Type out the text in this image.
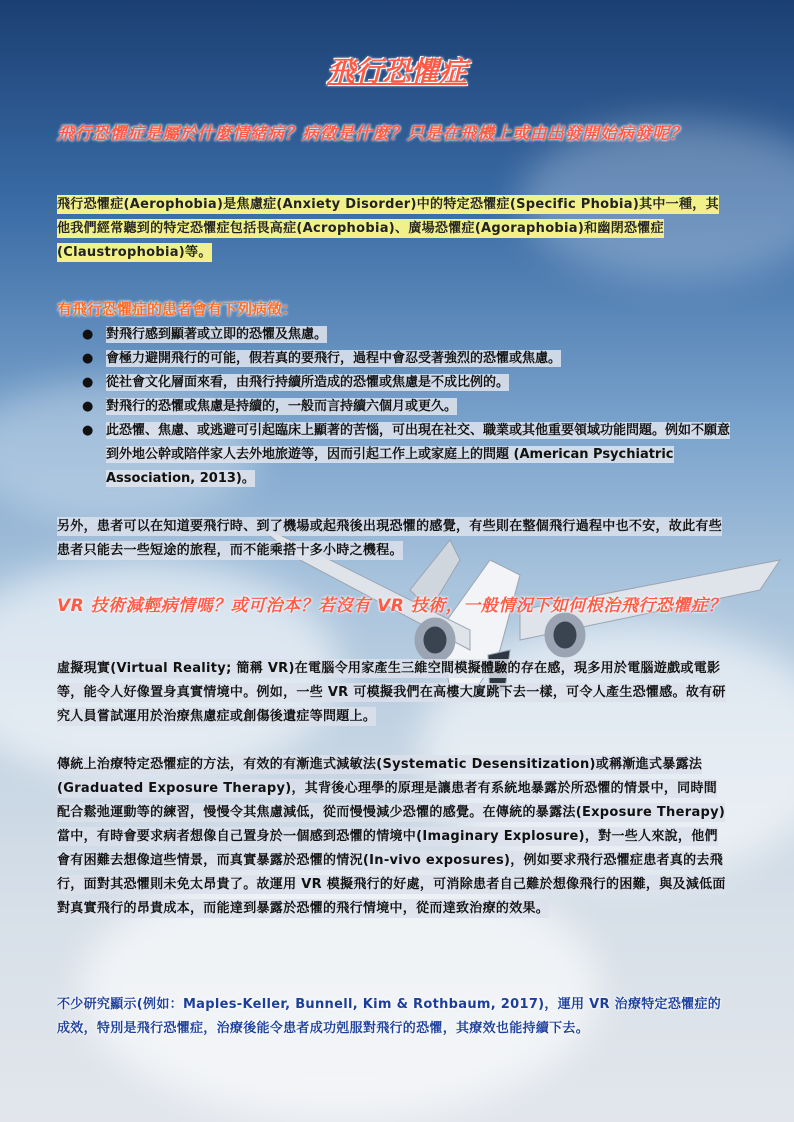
飛行恐懼症
飛行恐懼症是屬於什麼情緒病？病徵是什麼？只是在飛機上或由出發開始病發呢？
飛行恐懼症(Aerophobia)是焦慮症(Anxiety Disorder)中的特定恐懼症(Specific Phobia)其中一種，其他我們經常聽到的特定恐懼症包括畏高症(Acrophobia)、廣場恐懼症(Agoraphobia)和幽閉恐懼症(Claustrophobia)等。
有飛行恐懼症的患者會有下列病徵：
● 對飛行感到顯著或立即的恐懼及焦慮。
● 會極力避開飛行的可能，假若真的要飛行，過程中會忍受著強烈的恐懼或焦慮。
● 從社會文化層面來看，由飛行持續所造成的恐懼或焦慮是不成比例的。
● 對飛行的恐懼或焦慮是持續的，一般而言持續六個月或更久。
● 此恐懼、焦慮、或逃避可引起臨床上顯著的苦惱，可出現在社交、職業或其他重要領域功能問題。例如不願意到外地公幹或陪伴家人去外地旅遊等，因而引起工作上或家庭上的問題 (American Psychiatric Association, 2013)。
另外，患者可以在知道要飛行時、到了機場或起飛後出現恐懼的感覺，有些則在整個飛行過程中也不安，故此有些患者只能去一些短途的旅程，而不能乘搭十多小時之機程。
VR 技術減輕病情嗎？或可治本？若沒有 VR 技術，一般情況下如何根治飛行恐懼症？
虛擬現實(Virtual Reality; 簡稱 VR)在電腦令用家產生三維空間模擬體驗的存在感，現多用於電腦遊戲或電影等，能令人好像置身真實情境中。例如，一些 VR 可模擬我們在高樓大廈跳下去一樣，可令人產生恐懼感。故有研究人員嘗試運用於治療焦慮症或創傷後遺症等問題上。
傳統上治療特定恐懼症的方法，有效的有漸進式減敏法(Systematic Desensitization)或稱漸進式暴露法 (Graduated Exposure Therapy)，其背後心理學的原理是讓患者有系統地暴露於所恐懼的情景中，同時間配合鬆弛運動等的練習，慢慢令其焦慮減低，從而慢慢減少恐懼的感覺。在傳統的暴露法(Exposure Therapy)當中，有時會要求病者想像自己置身於一個感到恐懼的情境中(Imaginary Explosure)，對一些人來說，他們會有困難去想像這些情景，而真實暴露於恐懼的情況(In-vivo exposures)，例如要求飛行恐懼症患者真的去飛行，面對其恐懼則未免太昂貴了。故運用 VR 模擬飛行的好處，可消除患者自己難於想像飛行的困難，與及減低面對真實飛行的昂貴成本，而能達到暴露於恐懼的飛行情境中，從而達致治療的效果。
不少研究顯示(例如：Maples-Keller, Bunnell, Kim & Rothbaum, 2017)，運用 VR 治療特定恐懼症的成效，特別是飛行恐懼症，治療後能令患者成功剋服對飛行的恐懼，其療效也能持續下去。
